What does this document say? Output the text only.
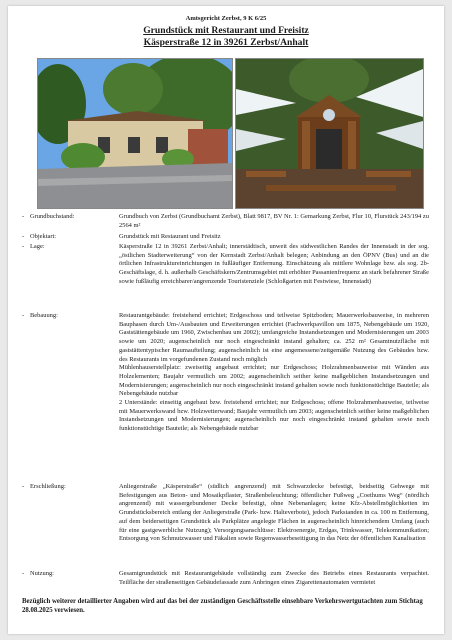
Amtsgericht Zerbst, 9 K 6/25
Grundstück mit Restaurant und Freisitz
Käsperstraße 12 in 39261 Zerbst/Anhalt
- Grundbuchstand:	Grundbuch von Zerbst (Grundbuchamt Zerbst), Blatt 9817, BV Nr. 1: Gemarkung Zerbst, Flur 10, Flurstück 243/194 zu 2564 m²

- Objektart:	Grundstück mit Restaurant und Freisitz

- Lage:	Käsperstraße 12 in 39261 Zerbst/Anhalt; innerstädtisch, unweit des südwestlichen Randes der Innenstadt in der sog. „östlichen Stadterweiterung“ von der Kernstadt Zerbst/Anhalt belegen; Anbindung an den ÖPNV (Bus) und an die örtlichen Infrastruktureinrichtungen in fußläufiger Entfernung. Einschätzung als mittlere Wohnlage bzw. als sog. 2b-Geschäftslage, d. h. außerhalb Geschäftskern/Zentrumsgebiet mit erhöhter Passantenfrequenz an stark befahrener Straße sowie fußläufig erreichbarer/angrenzende Touristenziele (Schloßgarten mit Festwiese, Innenstadt)

- Bebauung:	Restaurantgebäude: freistehend errichtet; Erdgeschoss und teilweise Spitzboden; Mauerwerksbauweise, in mehreren Bauphasen durch Um-/Ausbauten und Erweiterungen errichtet (Fachwerkpavillon um 1875, Nebengebäude um 1920, Gaststättengebäude um 1960, Zwischenbau um 2002); umfangreiche Instandsetzungen und Modernisierungen um 2003 sowie um 2020; augenscheinlich nur noch eingeschränkt instand gehalten; ca. 252 m² Gesamtnutzfläche mit gaststättentypischer Raumaufteilung; augenscheinlich ist eine angemessene/zeitgemäße Nutzung des Gebäudes bzw. des Restaurants im vorgefundenen Zustand noch möglich

Mühlenhauserstellplatz: zweiseitig angebaut errichtet; nur Erdgeschoss; Holzrahmenbauweise mit Wänden aus Holzelementen; Baujahr vermutlich um 2002; augenscheinlich seither keine maßgeblichen Instandsetzungen und Modernisierungen; augenscheinlich nur noch eingeschränkt instand gehalten sowie noch funktionstüchtige Bauteile; als Nebengebäude nutzbar

2 Unterstände: einseitig angebaut bzw. freistehend errichtet; nur Erdgeschoss; offene Holzrahmenbauweise, teilweise mit Mauerwerkswand bzw. Holzwetterwand; Baujahr vermutlich um 2003; augenscheinlich seither keine maßgeblichen Instandsetzungen und Modernisierungen; augenscheinlich nur noch eingeschränkt instand gehalten sowie noch funktionstüchtige Bauteile; als Nebengebäude nutzbar

- Erschließung:	Anliegerstraße „Käsperstraße“ (südlich angrenzend) mit Schwarzdecke befestigt, beidseitig Gehwege mit Befestigungen aus Beton- und Mosaikpflaster, Straßenbeleuchtung; öffentlicher Fußweg „Coethums Weg“ (nördlich angrenzend) mit wassergebundener Decke befestigt, ohne Nebenanlagen; keine Kfz-Abstellmöglichkeiten im Grundstücksbereich entlang der Anliegerstraße (Park- bzw. Halteverbote), jedoch Parkstanden in ca. 100 m Entfernung, auf dem beiderseitigen Grundstück als Parkplätze angelegte Flächen in augenscheinlich hinreichendem Umfang (auch für eine gastgewerbliche Nutzung); Versorgungsanschlüsse: Elektroenergie, Erdgas, Trinkwasser, Telekommunikation; Entsorgung von Schmutzwasser und Fäkalien sowie Regenwasserbeseitigung in das Netz der öffentlichen Kanalisation

- Nutzung:	Gesamtgrundstück mit Restaurantgebäude vollständig zum Zwecke des Betriebs eines Restaurants verpachtet. Teilfläche der straßenseitigen Gebäudefassade zum Anbringen eines Zigarettenautomaten vermietet

Bezüglich weiterer detaillierter Angaben wird auf das bei der zuständigen Geschäftsstelle einsehbare Verkehrswertgutachten zum Stichtag 28.08.2025 verwiesen.
